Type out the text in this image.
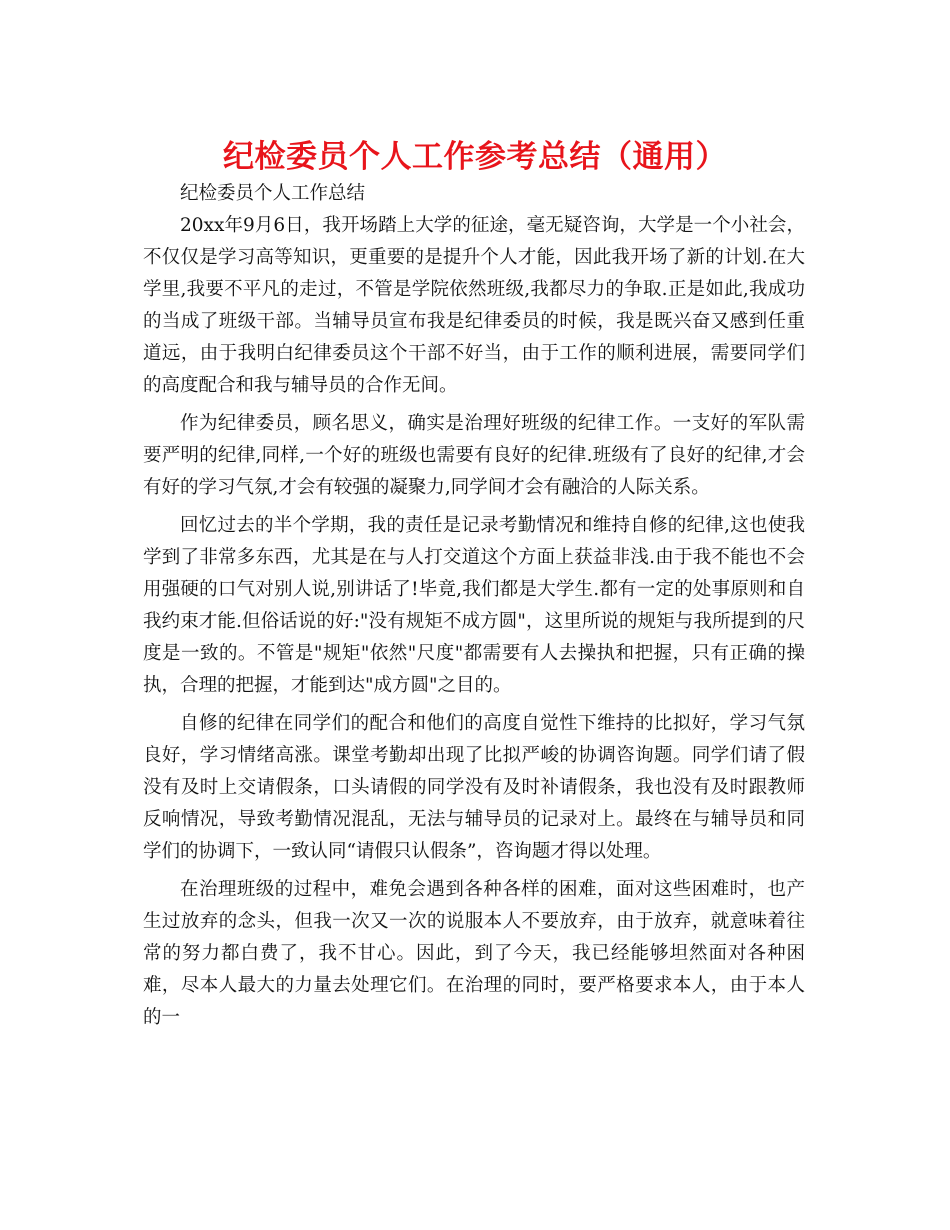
纪检委员个人工作参考总结（通用）

纪检委员个人工作总结

20xx年9月6日，我开场踏上大学的征途，毫无疑咨询，大学是一个小社会，不仅仅是学习高等知识，更重要的是提升个人才能，因此我开场了新的计划.在大学里,我要不平凡的走过，不管是学院依然班级,我都尽力的争取.正是如此,我成功的当成了班级干部。当辅导员宣布我是纪律委员的时候，我是既兴奋又感到任重道远，由于我明白纪律委员这个干部不好当，由于工作的顺利进展，需要同学们的高度配合和我与辅导员的合作无间。

作为纪律委员，顾名思义，确实是治理好班级的纪律工作。一支好的军队需要严明的纪律,同样,一个好的班级也需要有良好的纪律.班级有了良好的纪律,才会有好的学习气氛,才会有较强的凝聚力,同学间才会有融洽的人际关系。

回忆过去的半个学期，我的责任是记录考勤情况和维持自修的纪律,这也使我学到了非常多东西，尤其是在与人打交道这个方面上获益非浅.由于我不能也不会用强硬的口气对别人说,别讲话了!毕竟,我们都是大学生.都有一定的处事原则和自我约束才能.但俗话说的好:"没有规矩不成方圆"，这里所说的规矩与我所提到的尺度是一致的。不管是"规矩"依然"尺度"都需要有人去操执和把握，只有正确的操执，合理的把握，才能到达"成方圆"之目的。

自修的纪律在同学们的配合和他们的高度自觉性下维持的比拟好，学习气氛良好，学习情绪高涨。课堂考勤却出现了比拟严峻的协调咨询题。同学们请了假没有及时上交请假条，口头请假的同学没有及时补请假条，我也没有及时跟教师反响情况，导致考勤情况混乱，无法与辅导员的记录对上。最终在与辅导员和同学们的协调下，一致认同“请假只认假条”，咨询题才得以处理。

在治理班级的过程中，难免会遇到各种各样的困难，面对这些困难时，也产生过放弃的念头，但我一次又一次的说服本人不要放弃，由于放弃，就意味着往常的努力都白费了，我不甘心。因此，到了今天，我已经能够坦然面对各种困难，尽本人最大的力量去处理它们。在治理的同时，要严格要求本人，由于本人的一
